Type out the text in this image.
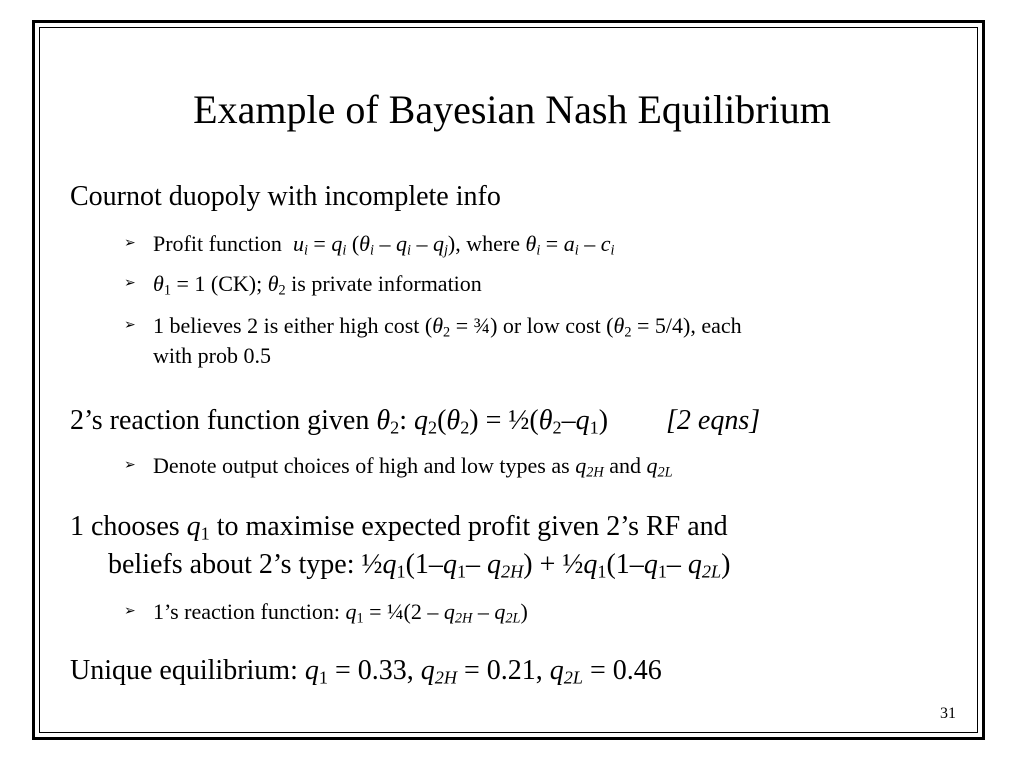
Example of Bayesian Nash Equilibrium
Cournot duopoly with incomplete info
➢ Profit function $u_i = q_i$ $(\theta_i - q_i - q_j)$, where $\theta_i = a_i - c_i$
➢ $\theta_1 = 1$ (CK); $\theta_2$ is private information
➢ 1 believes 2 is either high cost ($\theta_2$ = ¾) or low cost $(\theta_2 = 5/4)$, each
with prob 0.5
2’s reaction function given $\theta_2$: $q_2(\theta_2)$ = $\frac{1}{2}(\theta_2-q_1)$ [2 eqns]
➢ Denote output choices of high and low types as $q_{2H}$ and $q_{2L}$
1 chooses $q_1$ to maximise expected profit given 2’s RF and
beliefs about 2’s type: $\frac{1}{2}q_1(1-q_1-$ $q_{2H}$) + $\frac{1}{2}q_1(1-q_1-$ $q_{2L}$)
➢ 1’s reaction function: $q_1$ = ¼(2 – $q_{2H} - q_{2L}$)
Unique equilibrium: $q_1 = 0.33$, $q_{2H} = 0.21$, $q_{2L} = 0.46$
31
